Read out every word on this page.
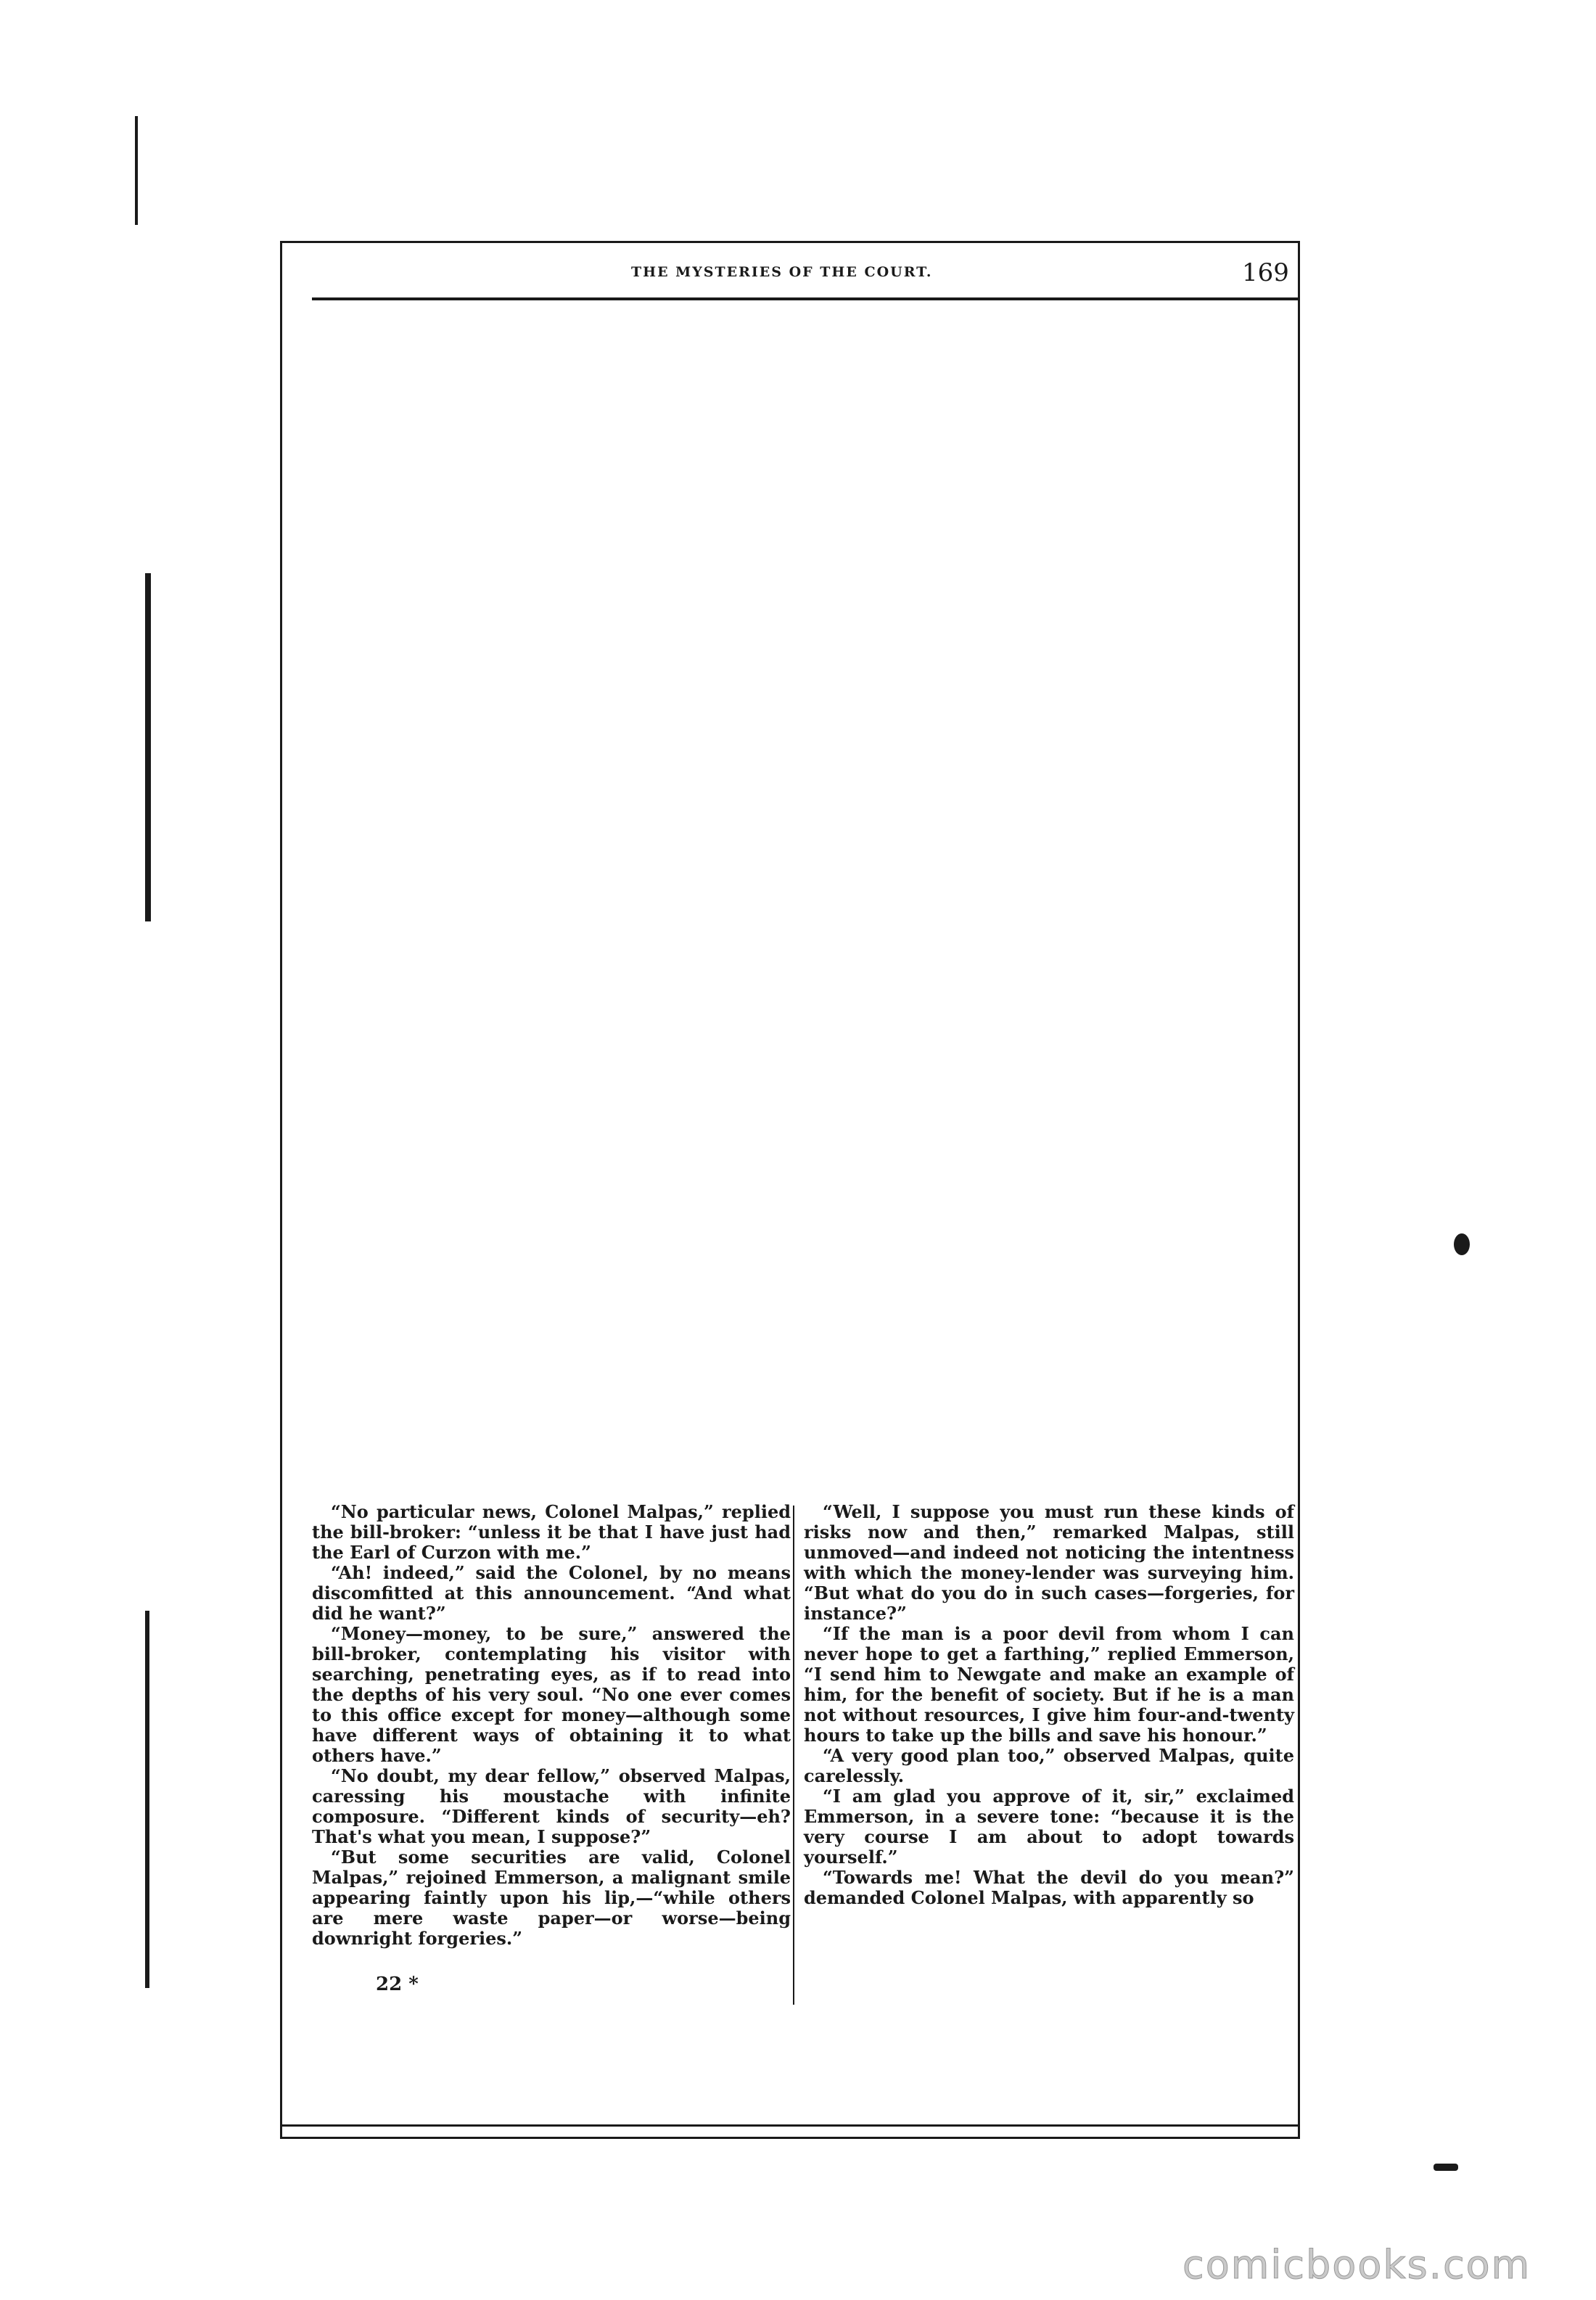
THE MYSTERIES OF THE COURT.	169

“No particular news, Colonel Malpas,” replied the bill-broker: “unless it be that I have just had the Earl of Curzon with me.”

“Ah! indeed,” said the Colonel, by no means discomfitted at this announcement. “And what did he want?”

“Money—money, to be sure,” answered the bill-broker, contemplating his visitor with searching, penetrating eyes, as if to read into the depths of his very soul. “No one ever comes to this office except for money—although some have different ways of obtaining it to what others have.”

“No doubt, my dear fellow,” observed Malpas, caressing his moustache with infinite composure. “Different kinds of security—eh? That's what you mean, I suppose?”

“But some securities are valid, Colonel Malpas,” rejoined Emmerson, a malignant smile appearing faintly upon his lip,—“while others are mere waste paper—or worse—being downright forgeries.”

“Well, I suppose you must run these kinds of risks now and then,” remarked Malpas, still unmoved—and indeed not noticing the intentness with which the money-lender was surveying him. “But what do you do in such cases—forgeries, for instance?”

“If the man is a poor devil from whom I can never hope to get a farthing,” replied Emmerson, “I send him to Newgate and make an example of him, for the benefit of society. But if he is a man not without resources, I give him four-and-twenty hours to take up the bills and save his honour.”

“A very good plan too,” observed Malpas, quite carelessly.

“I am glad you approve of it, sir,” exclaimed Emmerson, in a severe tone: “because it is the very course I am about to adopt towards yourself.”

“Towards me! What the devil do you mean?” demanded Colonel Malpas, with apparently so

22 *
comicbooks.com
